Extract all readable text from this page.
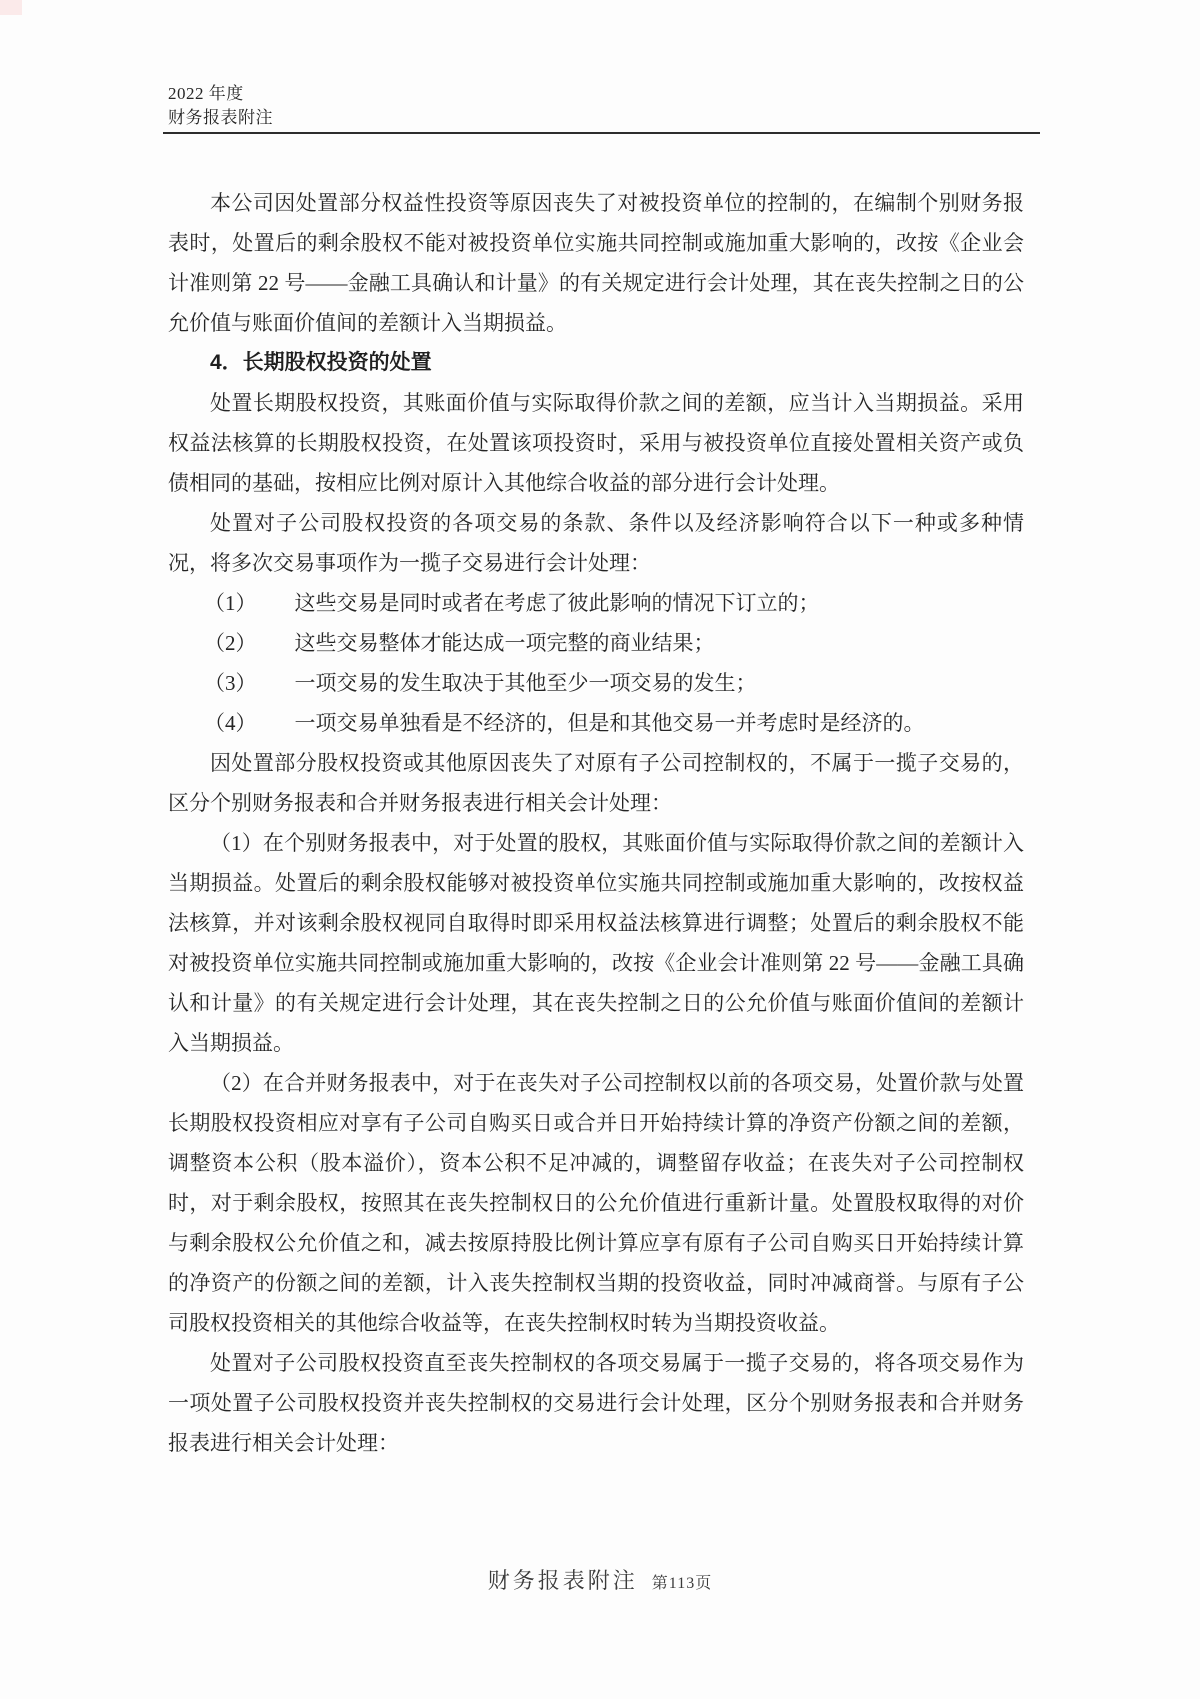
2022 年度
财务报表附注

本公司因处置部分权益性投资等原因丧失了对被投资单位的控制的，在编制个别财务报表时，处置后的剩余股权不能对被投资单位实施共同控制或施加重大影响的，改按《企业会计准则第 22 号——金融工具确认和计量》的有关规定进行会计处理，其在丧失控制之日的公允价值与账面价值间的差额计入当期损益。

4．长期股权投资的处置

处置长期股权投资，其账面价值与实际取得价款之间的差额，应当计入当期损益。采用权益法核算的长期股权投资，在处置该项投资时，采用与被投资单位直接处置相关资产或负债相同的基础，按相应比例对原计入其他综合收益的部分进行会计处理。

处置对子公司股权投资的各项交易的条款、条件以及经济影响符合以下一种或多种情况，将多次交易事项作为一揽子交易进行会计处理：

（1） 这些交易是同时或者在考虑了彼此影响的情况下订立的；
（2） 这些交易整体才能达成一项完整的商业结果；
（3） 一项交易的发生取决于其他至少一项交易的发生；
（4） 一项交易单独看是不经济的，但是和其他交易一并考虑时是经济的。

因处置部分股权投资或其他原因丧失了对原有子公司控制权的，不属于一揽子交易的，区分个别财务报表和合并财务报表进行相关会计处理：

（1）在个别财务报表中，对于处置的股权，其账面价值与实际取得价款之间的差额计入当期损益。处置后的剩余股权能够对被投资单位实施共同控制或施加重大影响的，改按权益法核算，并对该剩余股权视同自取得时即采用权益法核算进行调整；处置后的剩余股权不能对被投资单位实施共同控制或施加重大影响的，改按《企业会计准则第 22 号——金融工具确认和计量》的有关规定进行会计处理，其在丧失控制之日的公允价值与账面价值间的差额计入当期损益。

（2）在合并财务报表中，对于在丧失对子公司控制权以前的各项交易，处置价款与处置长期股权投资相应对享有子公司自购买日或合并日开始持续计算的净资产份额之间的差额，调整资本公积（股本溢价），资本公积不足冲减的，调整留存收益；在丧失对子公司控制权时，对于剩余股权，按照其在丧失控制权日的公允价值进行重新计量。处置股权取得的对价与剩余股权公允价值之和，减去按原持股比例计算应享有原有子公司自购买日开始持续计算的净资产的份额之间的差额，计入丧失控制权当期的投资收益，同时冲减商誉。与原有子公司股权投资相关的其他综合收益等，在丧失控制权时转为当期投资收益。

处置对子公司股权投资直至丧失控制权的各项交易属于一揽子交易的，将各项交易作为一项处置子公司股权投资并丧失控制权的交易进行会计处理，区分个别财务报表和合并财务报表进行相关会计处理：

财务报表附注 第113页
